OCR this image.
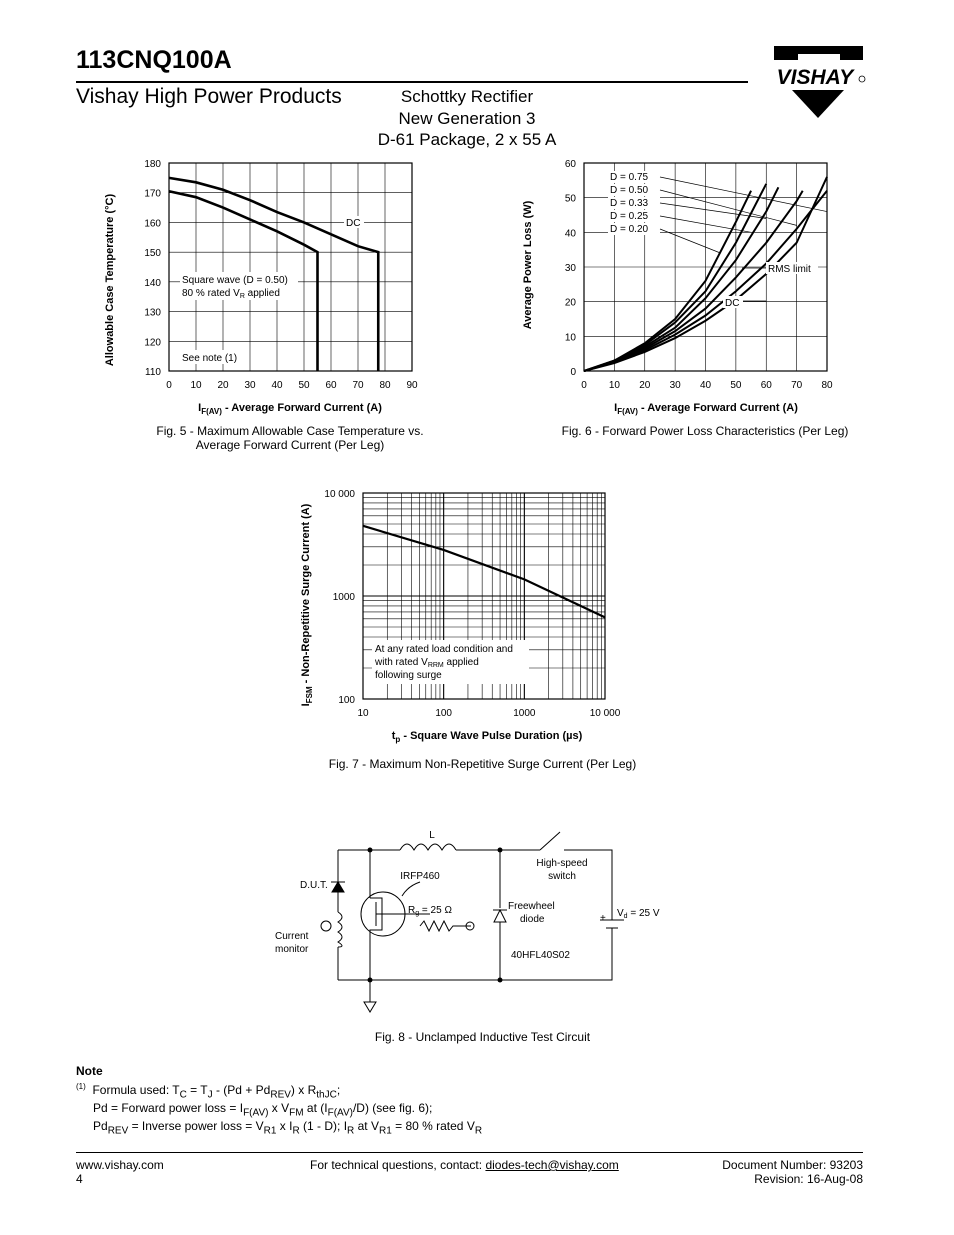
113CNQ100A
Vishay High Power Products	Schottky Rectifier
New Generation 3
D-61 Package, 2 x 55 A
VISHAY
0 10 20 30 40 50 60 70 80 90
110
120
130
140
150
160
170
180
Allowable Case Temperature (°C)
$I_{F(AV)}$ - Average Forward Current (A)
DC
Square wave (D = 0.50)
80 % rated $V_R$ applied
See note (1)
Fig. 5 - Maximum Allowable Case Temperature vs.
Average Forward Current (Per Leg)
0 10 20 30 40 50 60 70 80
0
10
20
30
40
50
60
Average Power Loss (W)
$I_{F(AV)}$ - Average Forward Current (A)
D = 0.75
D = 0.50
D = 0.33
D = 0.25
D = 0.20
RMS limit
DC
Fig. 6 - Forward Power Loss Characteristics (Per Leg)
10	100	1000	10 000
100
1000
10 000
$I_{FSM}$ - Non-Repetitive Surge Current (A)
$t_p$ - Square Wave Pulse Duration (µs)
At any rated load condition and
with rated $V_{RRM}$ applied
following surge
Fig. 7 - Maximum Non-Repetitive Surge Current (Per Leg)
L
High-speed
switch
D.U.T.
IRFP460
$R_g = 25$ Ω	Freewheel
diode
$V_d = 25$ V
+
Current
monitor
40HFL40S02
Fig. 8 - Unclamped Inductive Test Circuit
Note
$^{(1)}$  Formula used: $T_C = T_J - (Pd + Pd_{REV})$ x $R_{thJC}$;
Pd = Forward power loss = $I_{F(AV)}$ x $V_{FM}$ at $(I_{F(AV)}/D)$ (see fig. 6);
$Pd_{REV}$ = Inverse power loss = $V_{R1}$ x $I_R$ (1 - D); $I_R$ at $V_{R1} = 80$ % rated $V_R$
www.vishay.com
4
For technical questions, contact: diodes-tech@vishay.com	Document Number: 93203
Revision: 16-Aug-08
